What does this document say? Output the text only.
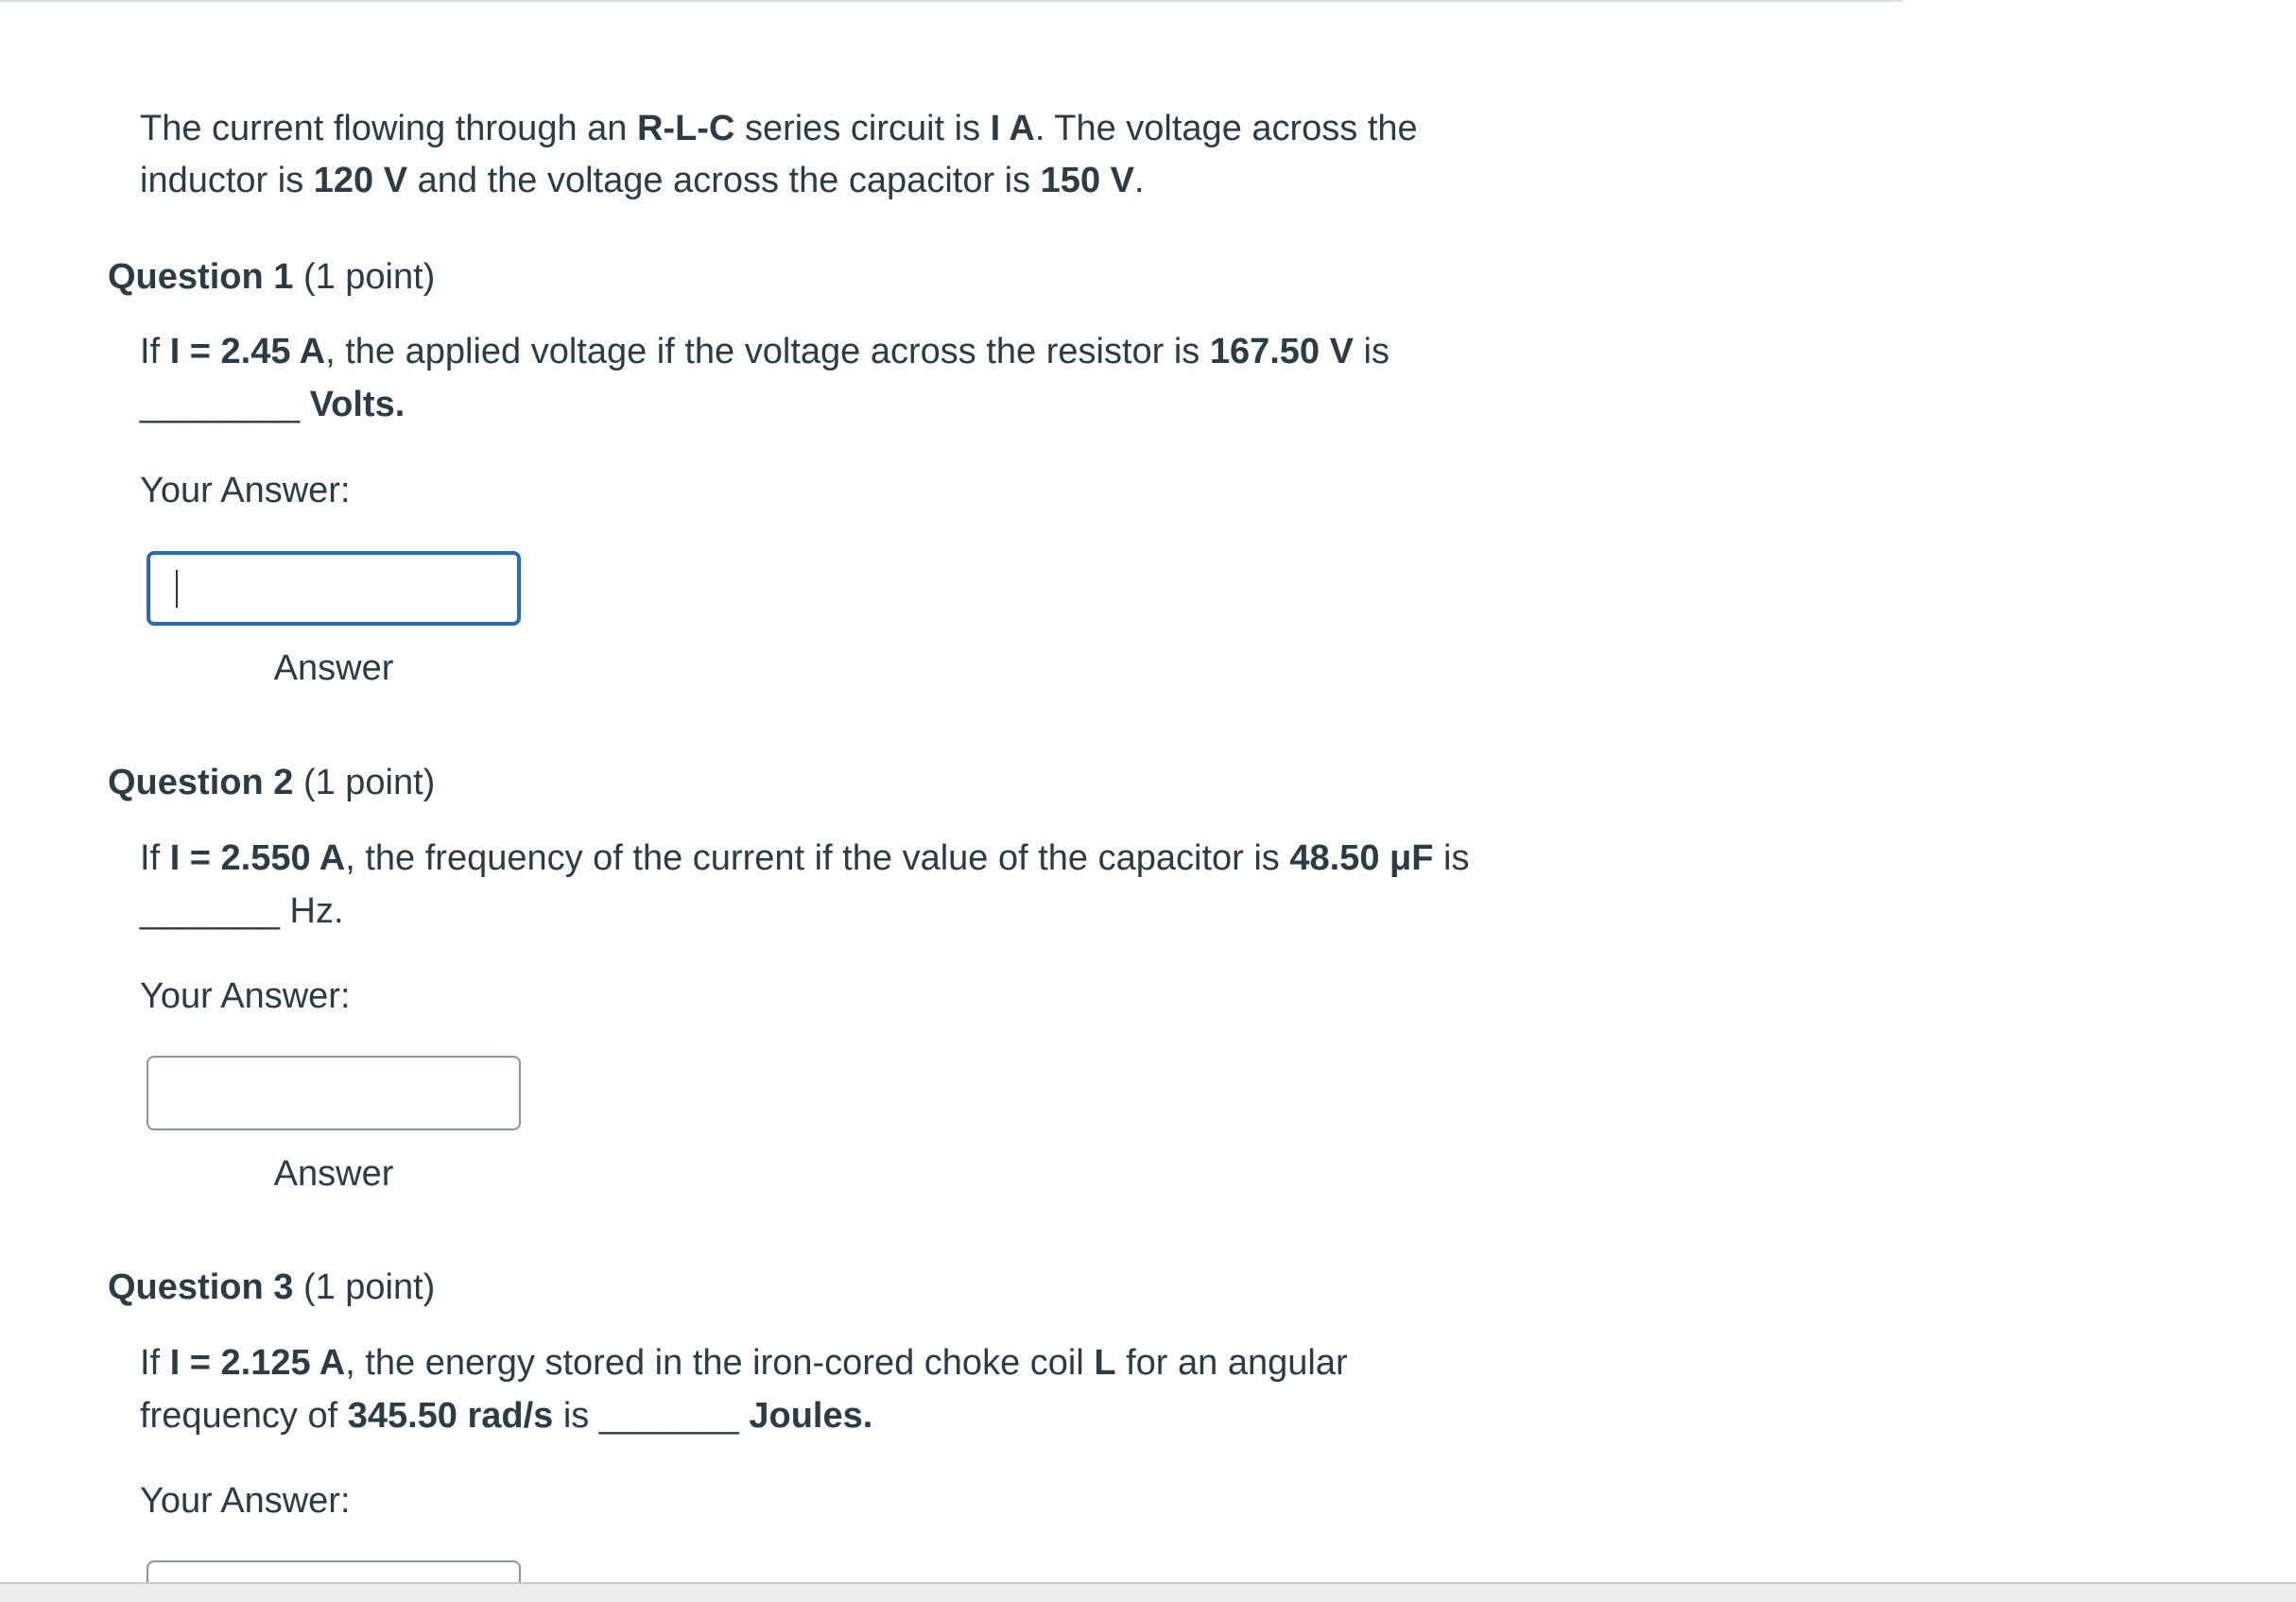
The current flowing through an R-L-C series circuit is I A. The voltage across the

inductor is 120 V and the voltage across the capacitor is 150 V.

Question 1 (1 point)

If I = 2.45 A, the applied voltage if the voltage across the resistor is 167.50 V is

________ Volts.

Your Answer:

Answer

Question 2 (1 point)

If I = 2.550 A, the frequency of the current if the value of the capacitor is 48.50 μF is

_______ Hz.

Your Answer:

Answer

Question 3 (1 point)

If I = 2.125 A, the energy stored in the iron-cored choke coil L for an angular

frequency of 345.50 rad/s is _______ Joules.

Your Answer:
